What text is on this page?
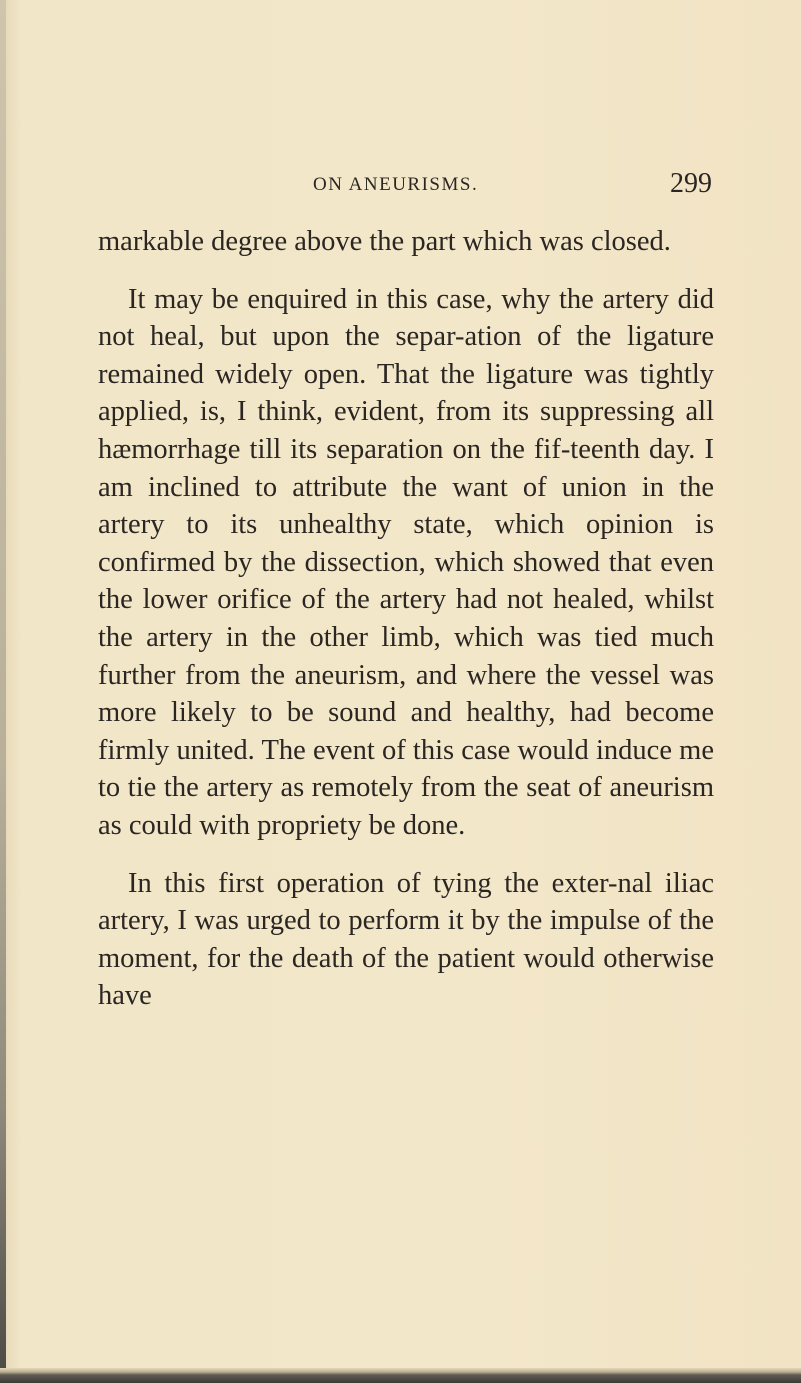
ON ANEURISMS.	299

markable degree above the part which was closed.

It may be enquired in this case, why the artery did not heal, but upon the separ-ation of the ligature remained widely open. That the ligature was tightly applied, is, I think, evident, from its suppressing all hæmorrhage till its separation on the fif-teenth day. I am inclined to attribute the want of union in the artery to its unhealthy state, which opinion is confirmed by the dissection, which showed that even the lower orifice of the artery had not healed, whilst the artery in the other limb, which was tied much further from the aneurism, and where the vessel was more likely to be sound and healthy, had become firmly united. The event of this case would induce me to tie the artery as remotely from the seat of aneurism as could with propriety be done.

In this first operation of tying the exter-nal iliac artery, I was urged to perform it by the impulse of the moment, for the death of the patient would otherwise have
